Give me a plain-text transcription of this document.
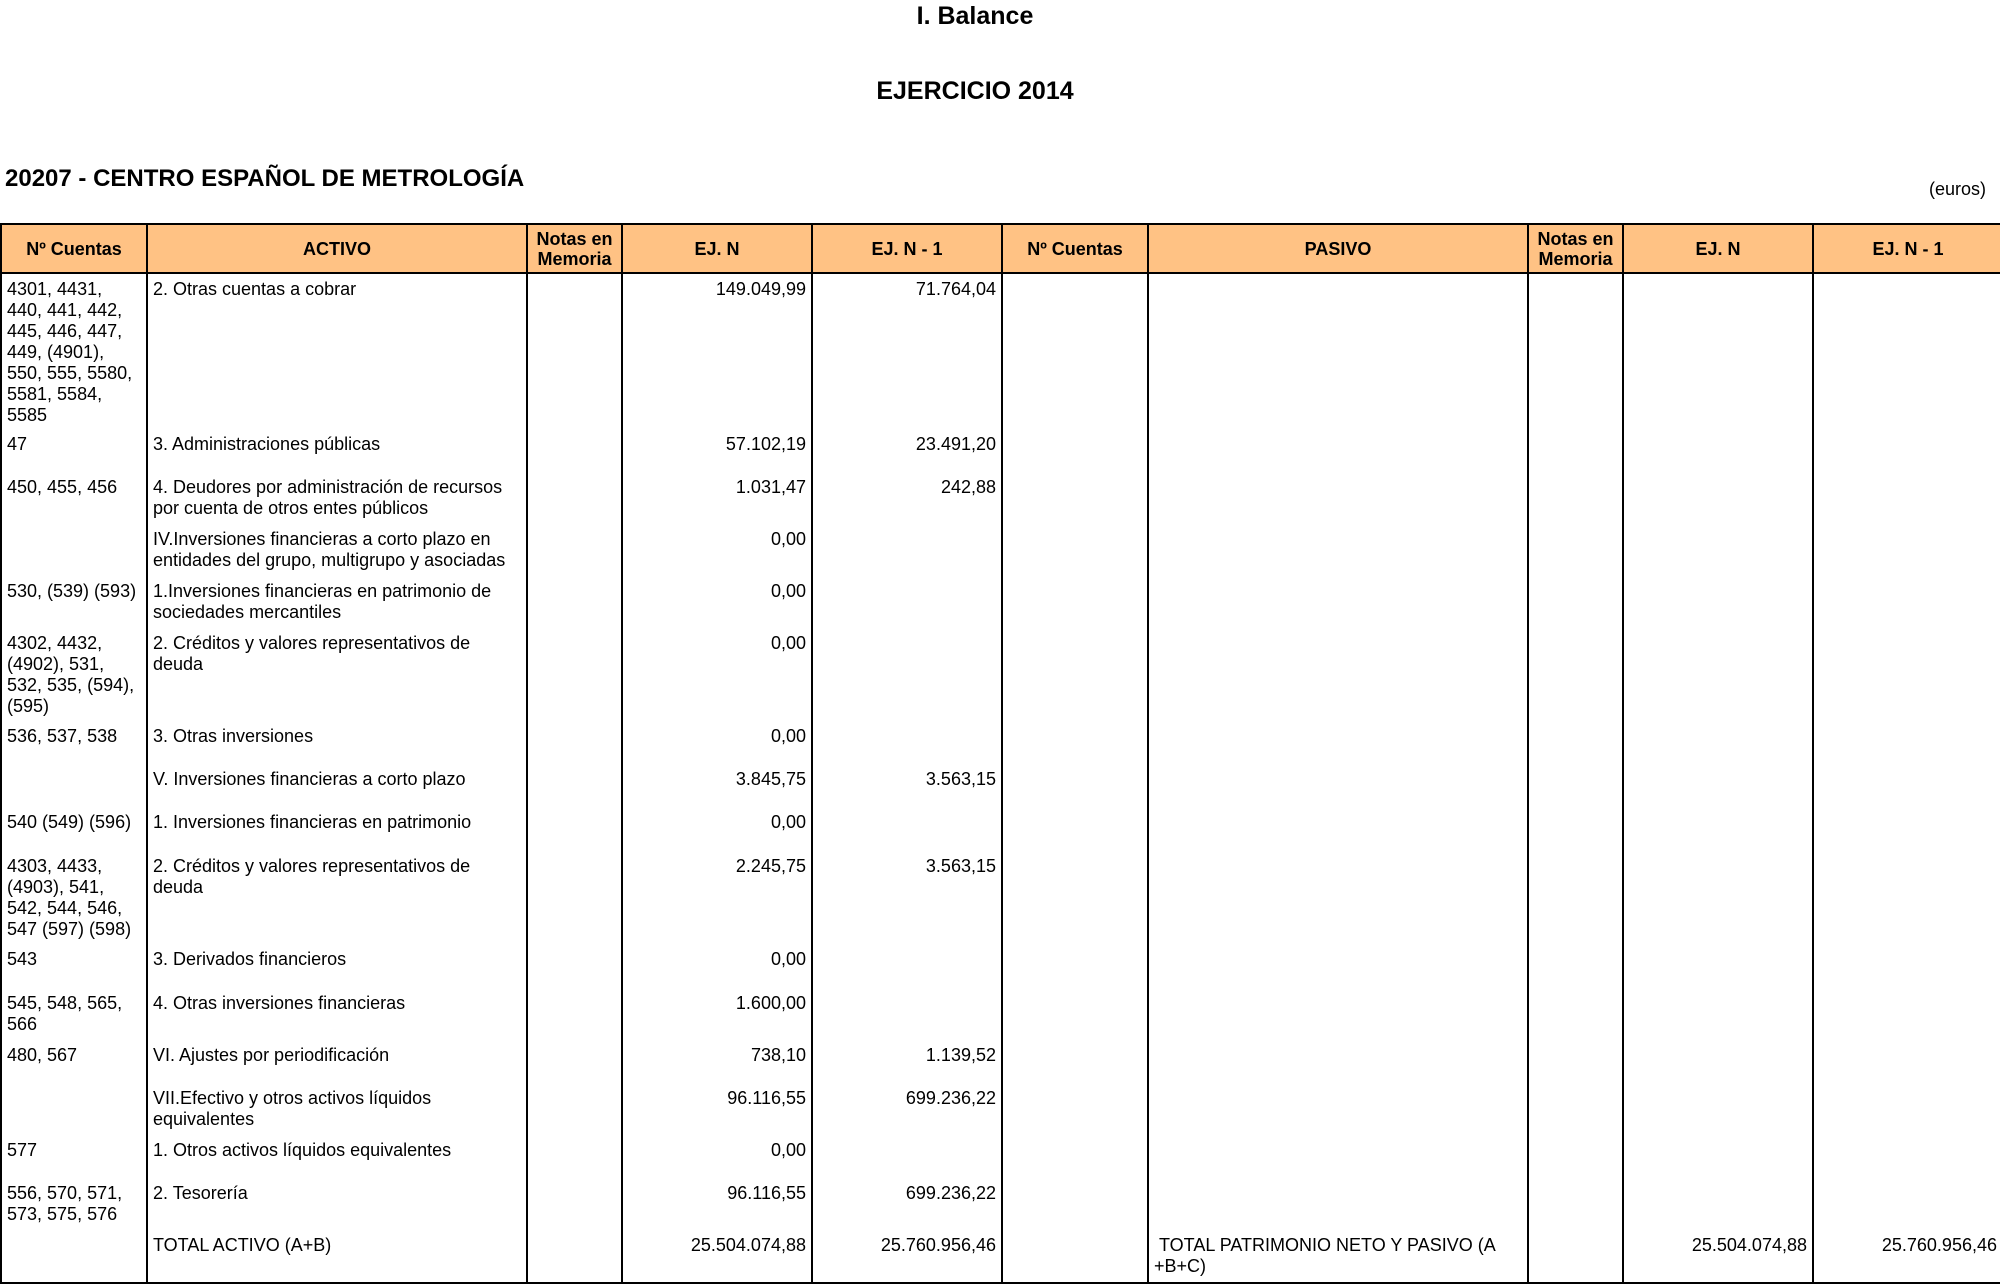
I. Balance
EJERCICIO 2014
20207 - CENTRO ESPAÑOL DE METROLOGÍA	(euros)
Nº Cuentas	ACTIVO	Notas en Memoria	EJ. N	EJ. N - 1	Nº Cuentas	PASIVO	Notas en Memoria	EJ. N	EJ. N - 1
4301, 4431, 440, 441, 442, 445, 446, 447, 449, (4901), 550, 555, 5580, 5581, 5584, 5585	2. Otras cuentas a cobrar		149.049,99	71.764,04					
47	3. Administraciones públicas		57.102,19	23.491,20					
450, 455, 456	4. Deudores por administración de recursos por cuenta de otros entes públicos		1.031,47	242,88					
	IV.Inversiones financieras a corto plazo en entidades del grupo, multigrupo y asociadas		0,00						
530, (539) (593)	1.Inversiones financieras en patrimonio de sociedades mercantiles		0,00						
4302, 4432, (4902), 531, 532, 535, (594), (595)	2. Créditos y valores representativos de deuda		0,00						
536, 537, 538	3. Otras inversiones		0,00						
	V. Inversiones financieras a corto plazo		3.845,75	3.563,15					
540 (549) (596)	1. Inversiones financieras en patrimonio		0,00						
4303, 4433, (4903), 541, 542, 544, 546, 547 (597) (598)	2. Créditos y valores representativos de deuda		2.245,75	3.563,15					
543	3. Derivados financieros		0,00						
545, 548, 565, 566	4. Otras inversiones financieras		1.600,00						
480, 567	VI. Ajustes por periodificación		738,10	1.139,52					
	VII.Efectivo y otros activos líquidos equivalentes		96.116,55	699.236,22					
577	1. Otros activos líquidos equivalentes		0,00						
556, 570, 571, 573, 575, 576	2. Tesorería		96.116,55	699.236,22					
	TOTAL ACTIVO (A+B)		25.504.074,88	25.760.956,46		TOTAL PATRIMONIO NETO Y PASIVO (A +B+C)		25.504.074,88	25.760.956,46
